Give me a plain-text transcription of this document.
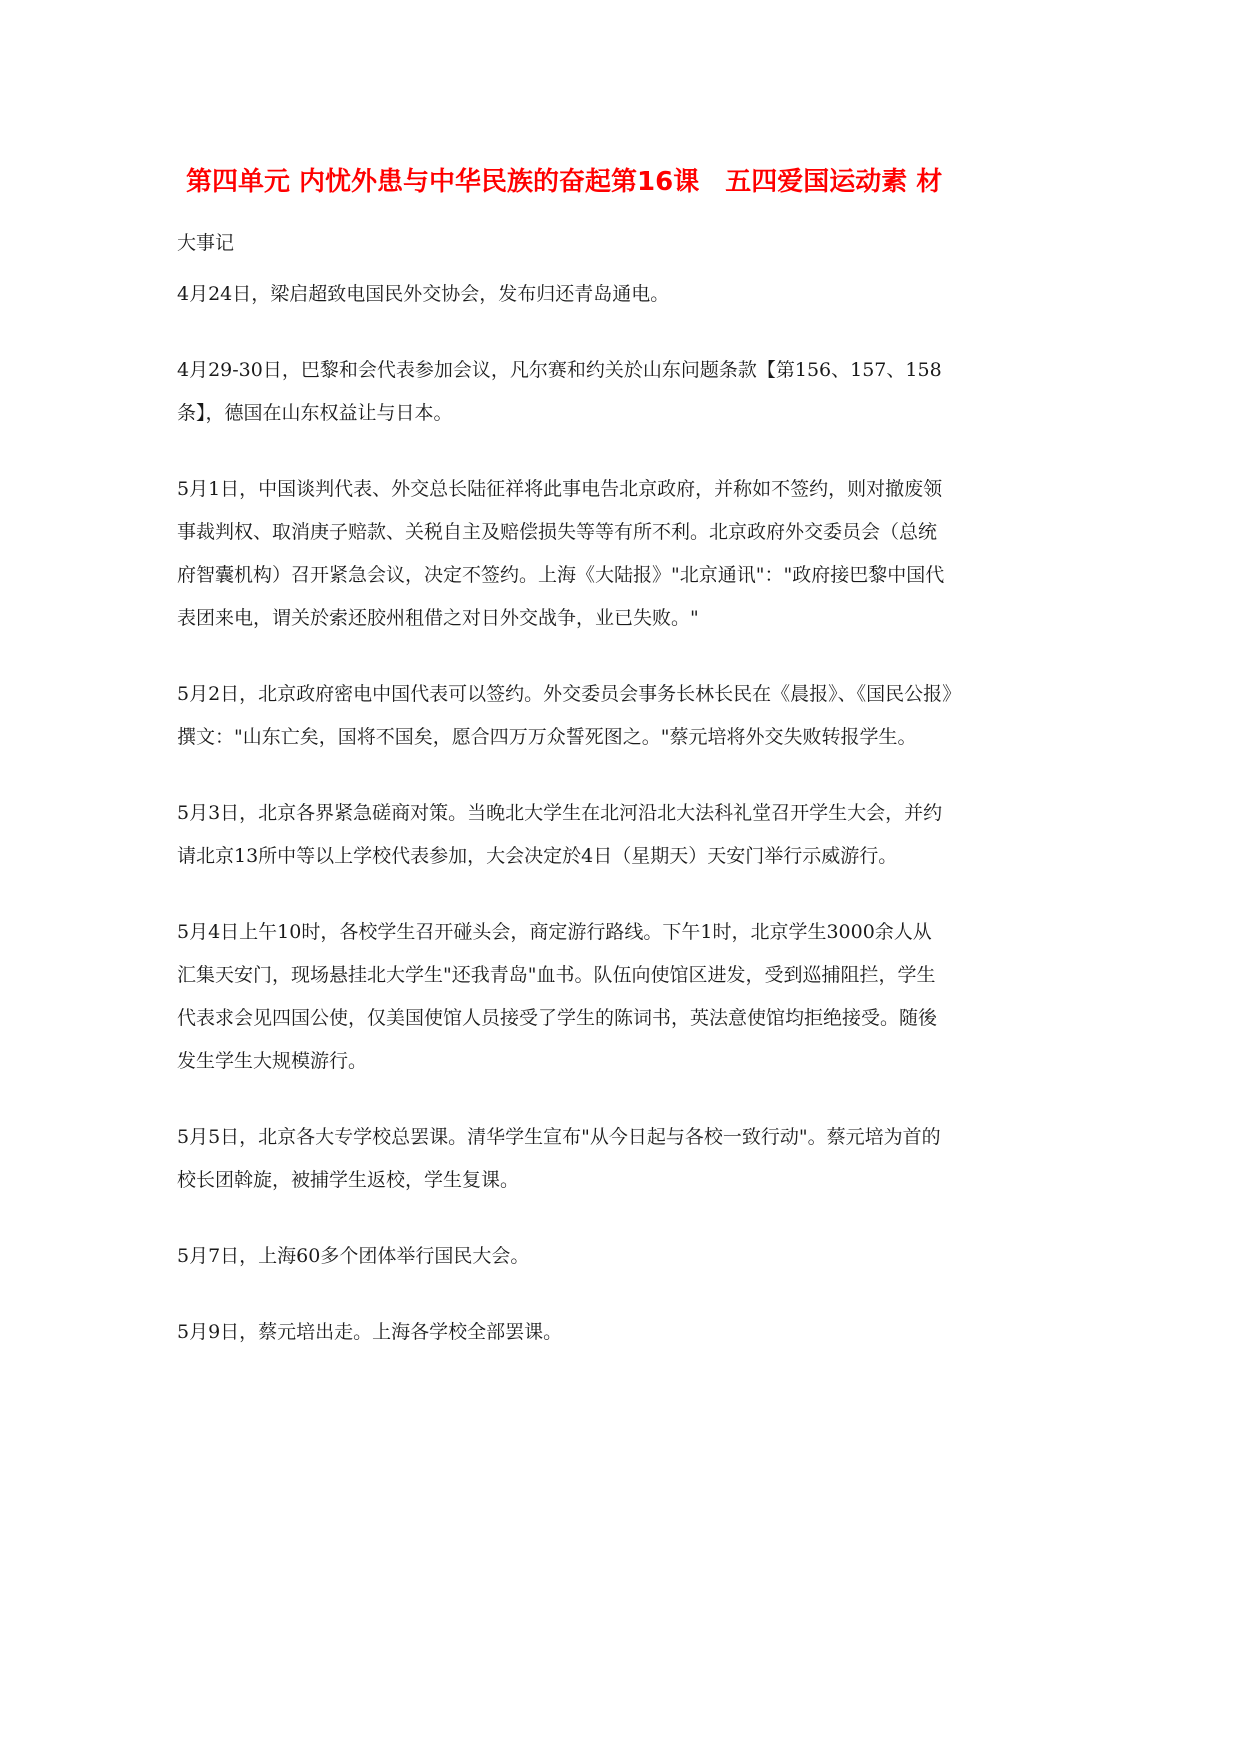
第四单元 内忧外患与中华民族的奋起第16课　五四爱国运动素 材
大事记
4月24日，梁启超致电国民外交协会，发布归还青岛通电。
4月29-30日，巴黎和会代表参加会议，凡尔赛和约关於山东问题条款【第156、157、158
条】，德国在山东权益让与日本。
5月1日，中国谈判代表、外交总长陆征祥将此事电告北京政府，并称如不签约，则对撤废领
事裁判权、取消庚子赔款、关税自主及赔偿损失等等有所不利。北京政府外交委员会（总统
府智囊机构）召开紧急会议，决定不签约。上海《大陆报》"北京通讯"："政府接巴黎中国代
表团来电，谓关於索还胶州租借之对日外交战争，业已失败。"
5月2日，北京政府密电中国代表可以签约。外交委员会事务长林长民在《晨报》、《国民公报》
撰文："山东亡矣，国将不国矣，愿合四万万众誓死图之。"蔡元培将外交失败转报学生。
5月3日，北京各界紧急磋商对策。当晚北大学生在北河沿北大法科礼堂召开学生大会，并约
请北京13所中等以上学校代表参加，大会决定於4日（星期天）天安门举行示威游行。
5月4日上午10时，各校学生召开碰头会，商定游行路线。下午1时，北京学生3000余人从
汇集天安门，现场悬挂北大学生"还我青岛"血书。队伍向使馆区进发，受到巡捕阻拦，学生
代表求会见四国公使，仅美国使馆人员接受了学生的陈词书，英法意使馆均拒绝接受。随後
发生学生大规模游行。
5月5日，北京各大专学校总罢课。清华学生宣布"从今日起与各校一致行动"。蔡元培为首的
校长团斡旋，被捕学生返校，学生复课。
5月7日，上海60多个团体举行国民大会。
5月9日，蔡元培出走。上海各学校全部罢课。
